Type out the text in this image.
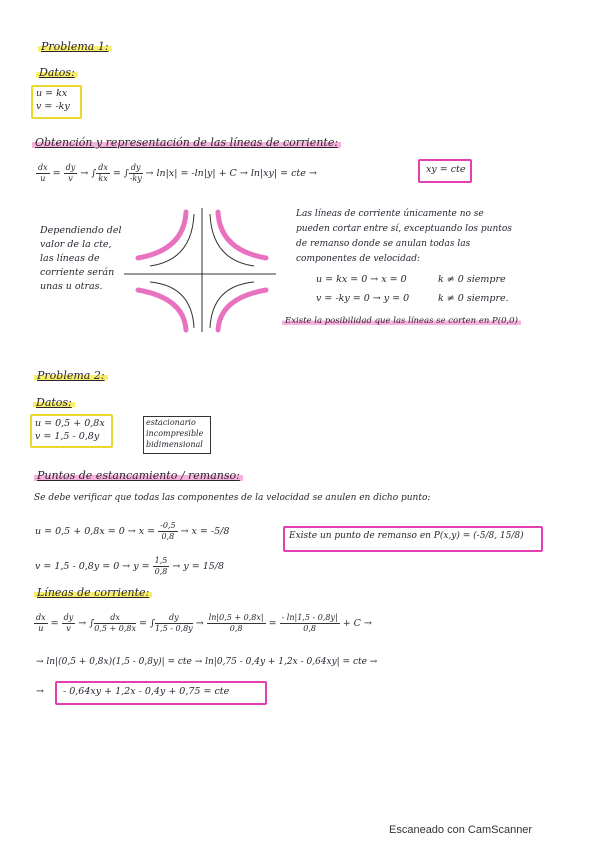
Problema 1:
Datos:
u = kx
v = -ky
Obtención y representación de las líneas de corriente:
$\frac{dx}{u} = \frac{dy}{v}$ → ∫ $\frac{dx}{kx}$ = ∫ $\frac{dy}{-ky} \to \ln|x| = -\ln|y| + C \to \ln|xy|$ = cte →	xy = cte
Dependiendo del
valor de la cte,
las líneas de
corriente serán
unas u otras.
Las líneas de corriente únicamente no se
pueden cortar entre sí, exceptuando los puntos
de remanso donde se anulan todas las
componentes de velocidad:
u = kx = 0 → x = 0	k ≠ 0 siempre
v = -ky = 0 → y = 0	k ≠ 0 siempre.
Existe la posibilidad que las líneas se corten en P(0,0)
Problema 2:
Datos:
u = 0,5 + 0,8x
v = 1,5 - 0,8y
estacionario
incompresible
bidimensional
Puntos de estancamiento / remanso:
Se debe verificar que todas las componentes de la velocidad se anulen en dicho punto:
$u = 0,5 + 0,8x = 0 \to x = \frac{-0,5}{0,8} \to x = -5/8$
$v = 1,5 - 0,8y = 0 \to y = \frac{1,5}{0,8} \to y = 15/8$
Existe un punto de remanso en P(x,y) = (-5/8, 15/8)
Líneas de corriente:
$\frac{dx}{u} = \frac{dy}{v}$ → ∫ $\frac{dx}{0,5 + 0,8x}$ = ∫ $\frac{dy}{1,5 - 0,8y} \to \frac{\ln|0,5 + 0,8x|}{0,8} = \frac{- \ln|1,5 - 0,8y|}{0,8} + C$ →
→ ln|(0,5 + 0,8x)(1,5 - 0,8y)| = cte → ln|0,75 - 0,4y + 1,2x - 0,64xy| = cte →
→ - 0,64xy + 1,2x - 0,4y + 0,75 = cte
Escaneado con CamScanner
